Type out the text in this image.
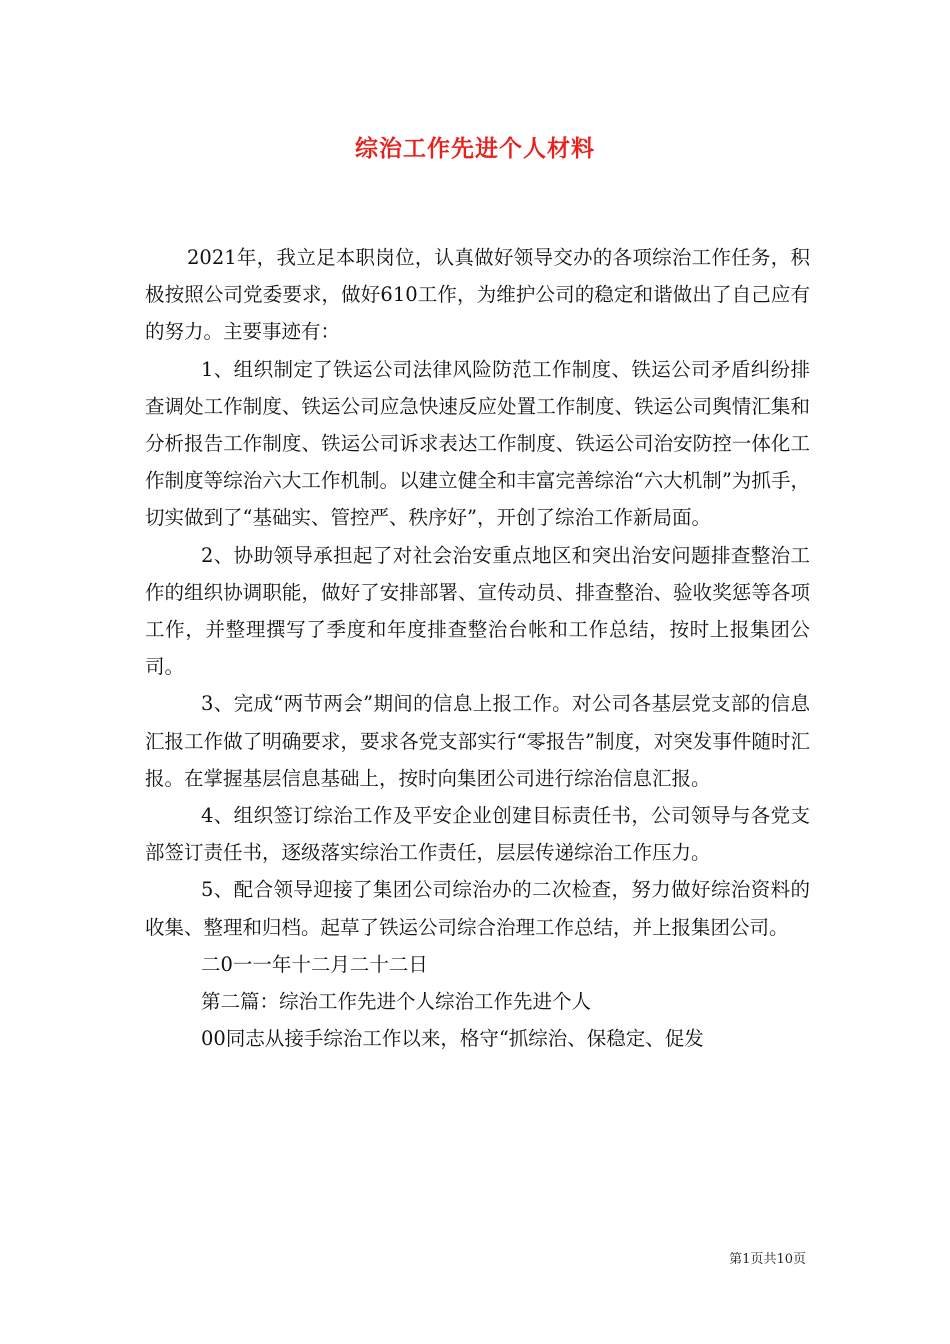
综治工作先进个人材料

2021年，我立足本职岗位，认真做好领导交办的各项综治工作任务，积极按照公司党委要求，做好610工作，为维护公司的稳定和谐做出了自己应有的努力。主要事迹有：

1、组织制定了铁运公司法律风险防范工作制度、铁运公司矛盾纠纷排查调处工作制度、铁运公司应急快速反应处置工作制度、铁运公司舆情汇集和分析报告工作制度、铁运公司诉求表达工作制度、铁运公司治安防控一体化工作制度等综治六大工作机制。以建立健全和丰富完善综治“六大机制”为抓手，切实做到了“基础实、管控严、秩序好”，开创了综治工作新局面。

2、协助领导承担起了对社会治安重点地区和突出治安问题排查整治工作的组织协调职能，做好了安排部署、宣传动员、排查整治、验收奖惩等各项工作，并整理撰写了季度和年度排查整治台帐和工作总结，按时上报集团公司。

3、完成“两节两会”期间的信息上报工作。对公司各基层党支部的信息汇报工作做了明确要求，要求各党支部实行“零报告”制度，对突发事件随时汇报。在掌握基层信息基础上，按时向集团公司进行综治信息汇报。

4、组织签订综治工作及平安企业创建目标责任书，公司领导与各党支部签订责任书，逐级落实综治工作责任，层层传递综治工作压力。

5、配合领导迎接了集团公司综治办的二次检查，努力做好综治资料的收集、整理和归档。起草了铁运公司综合治理工作总结，并上报集团公司。

二0一一年十二月二十二日

第二篇：综治工作先进个人综治工作先进个人

00同志从接手综治工作以来，格守“抓综治、保稳定、促发

第1页共10页
